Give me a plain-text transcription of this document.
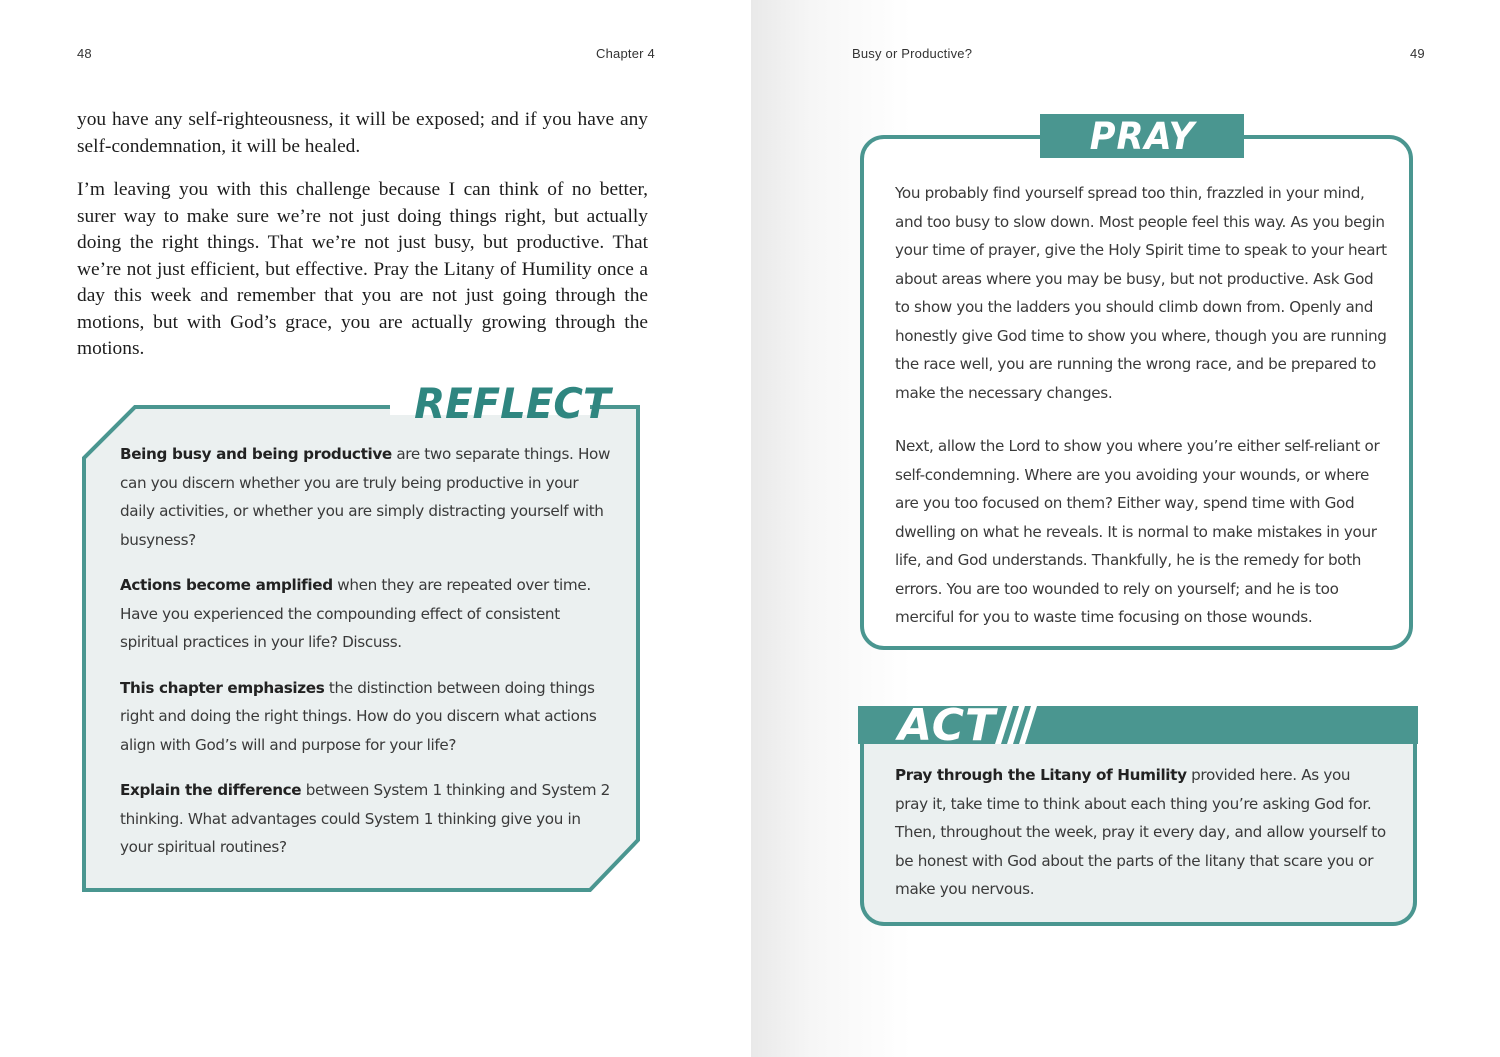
48	Chapter 4

you have any self-righteousness, it will be exposed; and if you have any self-condemnation, it will be healed.

I’m leaving you with this challenge because I can think of no better, surer way to make sure we’re not just doing things right, but actually doing the right things. That we’re not just busy, but productive. That we’re not just efficient, but effective. Pray the Litany of Humility once a day this week and remember that you are not just going through the motions, but with God’s grace, you are actually growing through the motions.

REFLECT

Being busy and being productive are two separate things. How can you discern whether you are truly being productive in your daily activities, or whether you are simply distracting yourself with busyness?

Actions become amplified when they are repeated over time. Have you experienced the compounding effect of consistent spiritual practices in your life? Discuss.

This chapter emphasizes the distinction between doing things right and doing the right things. How do you discern what actions align with God’s will and purpose for your life?

Explain the difference between System 1 thinking and System 2 thinking. What advantages could System 1 thinking give you in your spiritual routines?

Busy or Productive?	49
PRAY

You probably find yourself spread too thin, frazzled in your mind, and too busy to slow down. Most people feel this way. As you begin your time of prayer, give the Holy Spirit time to speak to your heart about areas where you may be busy, but not productive. Ask God to show you the ladders you should climb down from. Openly and honestly give God time to show you where, though you are running the race well, you are running the wrong race, and be prepared to make the necessary changes.

Next, allow the Lord to show you where you’re either self-reliant or self-condemning. Where are you avoiding your wounds, or where are you too focused on them? Either way, spend time with God dwelling on what he reveals. It is normal to make mistakes in your life, and God understands. Thankfully, he is the remedy for both errors. You are too wounded to rely on yourself; and he is too merciful for you to waste time focusing on those wounds.

ACT

Pray through the Litany of Humility provided here. As you pray it, take time to think about each thing you’re asking God for. Then, throughout the week, pray it every day, and allow yourself to be honest with God about the parts of the litany that scare you or make you nervous.
